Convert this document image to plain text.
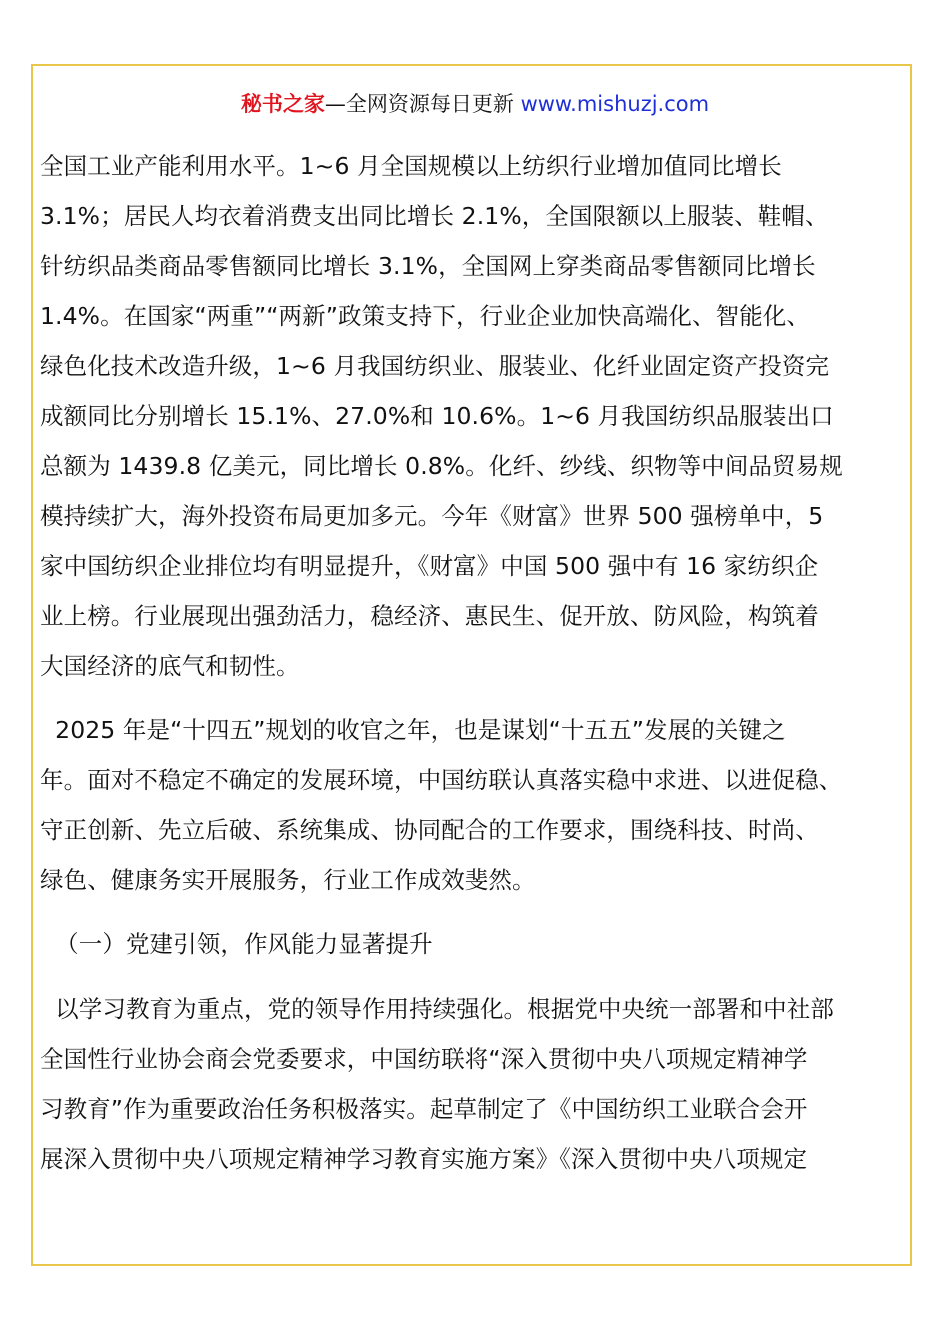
秘书之家—全网资源每日更新 www.mishuzj.com
全国工业产能利用水平。1~6 月全国规模以上纺织行业增加值同比增长
3.1%；居民人均衣着消费支出同比增长 2.1%，全国限额以上服装、鞋帽、
针纺织品类商品零售额同比增长 3.1%，全国网上穿类商品零售额同比增长
1.4%。在国家“两重”“两新”政策支持下，行业企业加快高端化、智能化、
绿色化技术改造升级，1~6 月我国纺织业、服装业、化纤业固定资产投资完
成额同比分别增长 15.1%、27.0%和 10.6%。1~6 月我国纺织品服装出口
总额为 1439.8 亿美元，同比增长 0.8%。化纤、纱线、织物等中间品贸易规
模持续扩大，海外投资布局更加多元。今年《财富》世界 500 强榜单中，5
家中国纺织企业排位均有明显提升，《财富》中国 500 强中有 16 家纺织企
业上榜。行业展现出强劲活力，稳经济、惠民生、促开放、防风险，构筑着
大国经济的底气和韧性。
2025 年是“十四五”规划的收官之年，也是谋划“十五五”发展的关键之
年。面对不稳定不确定的发展环境，中国纺联认真落实稳中求进、以进促稳、
守正创新、先立后破、系统集成、协同配合的工作要求，围绕科技、时尚、
绿色、健康务实开展服务，行业工作成效斐然。
（一）党建引领，作风能力显著提升
以学习教育为重点，党的领导作用持续强化。根据党中央统一部署和中社部
全国性行业协会商会党委要求，中国纺联将“深入贯彻中央八项规定精神学
习教育”作为重要政治任务积极落实。起草制定了《中国纺织工业联合会开
展深入贯彻中央八项规定精神学习教育实施方案》《深入贯彻中央八项规定
